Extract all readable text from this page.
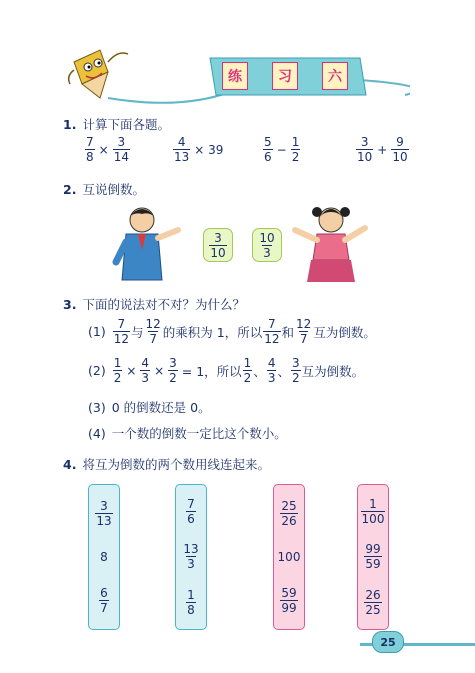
练	习	六
1 . 计算下面各题。
$\frac{7}{8} \times \frac{3}{14}$	$\frac{4}{13} \times 39$	$\frac{5}{6} - \frac{1}{2}$	$\frac{3}{10} + \frac{9}{10}$
2 . 互说倒数。
$\frac{3}{10}$	$\frac{10}{3}$
3 . 下面的说法对不对？为什么？
$(1) \frac{7}{12}$ 与 $\frac{12}{7}$ 的乘积为 1，所以 $\frac{7}{12}$ 和 $\frac{12}{7}$ 互为倒数。
$(2) \frac{1}{2} \times \frac{4}{3} \times \frac{3}{2} = 1$，所以 $\frac{1}{2}$ 、 $\frac{4}{3}$ 、 $\frac{3}{2}$ 互为倒数。
(3) 0 的倒数还是 0。
(4) 一个数的倒数一定比这个数小。
4 . 将互为倒数的两个数用线连起来。
$\frac{3}{13}$
8
$\frac{6}{7}$
$\frac{7}{6}$
$\frac{13}{3}$
$\frac{1}{8}$
$\frac{25}{26}$
100
$\frac{59}{99}$
$\frac{1}{100}$
$\frac{99}{59}$
$\frac{26}{25}$
25
